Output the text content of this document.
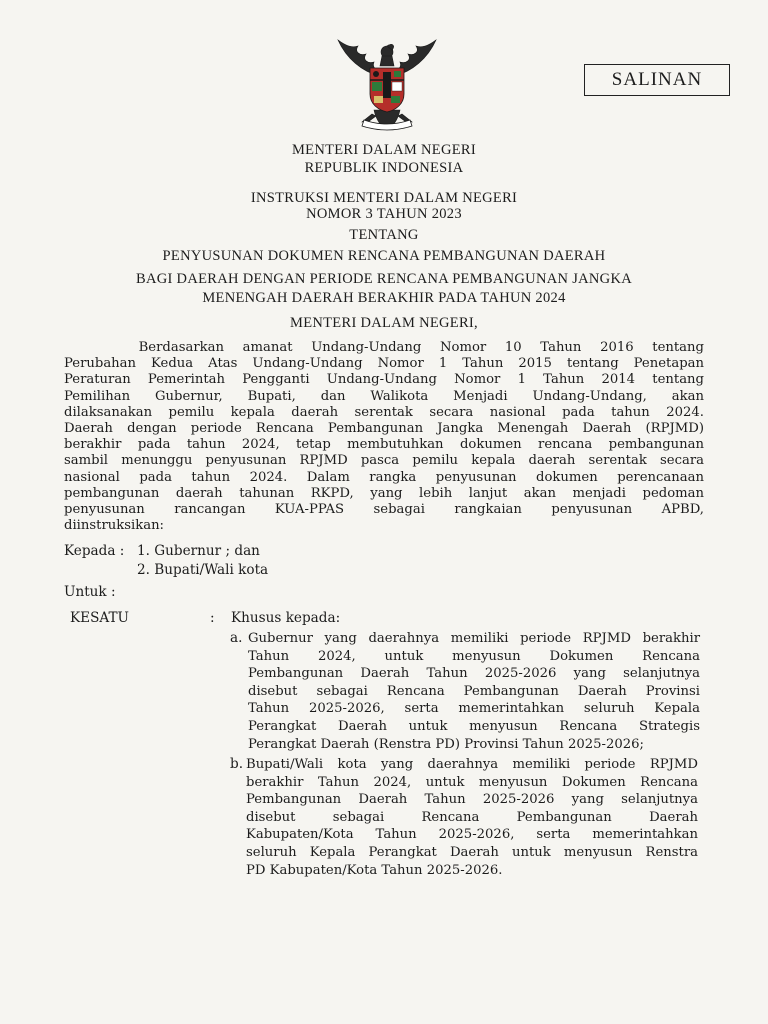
SALINAN
MENTERI DALAM NEGERI
REPUBLIK INDONESIA
INSTRUKSI MENTERI DALAM NEGERI
NOMOR 3 TAHUN 2023
TENTANG
PENYUSUNAN DOKUMEN RENCANA PEMBANGUNAN DAERAH
BAGI DAERAH DENGAN PERIODE RENCANA PEMBANGUNAN JANGKA
MENENGAH DAERAH BERAKHIR PADA TAHUN 2024
MENTERI DALAM NEGERI,
Berdasarkan  amanat  Undang-Undang  Nomor  10  Tahun  2016  tentang
Perubahan Kedua Atas Undang-Undang Nomor 1 Tahun 2015 tentang Penetapan
Peraturan Pemerintah Pengganti Undang-Undang Nomor 1 Tahun 2014 tentang
Pemilihan Gubernur, Bupati, dan Walikota Menjadi Undang-Undang, akan
dilaksanakan pemilu kepala daerah serentak secara nasional pada tahun 2024.
Daerah dengan periode Rencana Pembangunan Jangka Menengah Daerah (RPJMD)
berakhir pada tahun 2024, tetap membutuhkan dokumen rencana pembangunan
sambil menunggu penyusunan RPJMD pasca pemilu kepala daerah serentak secara
nasional pada tahun 2024. Dalam rangka penyusunan dokumen perencanaan
pembangunan daerah tahunan RKPD, yang lebih lanjut akan menjadi pedoman
penyusunan rancangan KUA-PPAS sebagai rangkaian penyusunan APBD,
diinstruksikan:
Kepada : 1. Gubernur ; dan
2. Bupati/Wali kota
Untuk :
KESATU	: Khusus kepada:
a. Gubernur yang daerahnya memiliki periode RPJMD berakhir
Tahun 2024, untuk menyusun Dokumen Rencana
Pembangunan Daerah Tahun 2025-2026 yang selanjutnya
disebut sebagai Rencana Pembangunan Daerah Provinsi
Tahun 2025-2026, serta memerintahkan seluruh Kepala
Perangkat Daerah untuk menyusun Rencana Strategis
Perangkat Daerah (Renstra PD) Provinsi Tahun 2025-2026;
b. Bupati/Wali kota yang daerahnya memiliki periode RPJMD
berakhir Tahun 2024, untuk menyusun Dokumen Rencana
Pembangunan Daerah Tahun 2025-2026 yang selanjutnya
disebut sebagai Rencana Pembangunan Daerah
Kabupaten/Kota Tahun 2025-2026, serta memerintahkan
seluruh Kepala Perangkat Daerah untuk menyusun Renstra
PD Kabupaten/Kota Tahun 2025-2026.
